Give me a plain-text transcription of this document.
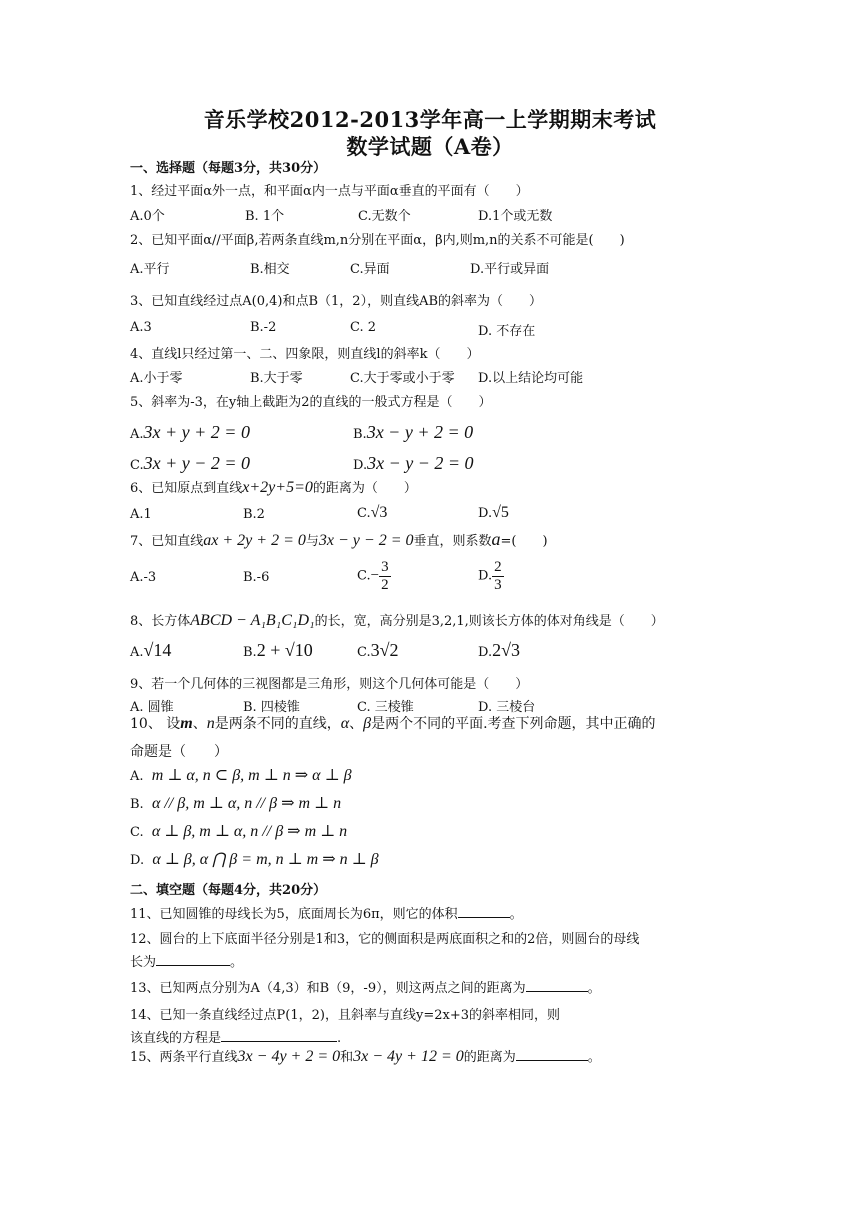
音乐学校2012-2013学年高一上学期期末考试
数学试题（A卷）
一、选择题（每题3分，共30分）
1、经过平面α外一点，和平面α内一点与平面α垂直的平面有（　　）
A.0个	B. 1个	C.无数个	D.1个或无数
2、已知平面α//平面β,若两条直线m,n分别在平面α，β内,则m,n的关系不可能是(　　)
A.平行	B.相交	C.异面	D.平行或异面
3、已知直线经过点A(0,4)和点B（1，2），则直线AB的斜率为（　　）
A.3	B.-2	C. 2	D. 不存在
4、直线l只经过第一、二、四象限，则直线l的斜率k（　　）
A.小于零	B.大于零	C.大于零或小于零 D.以上结论均可能
5、斜率为-3，在y轴上截距为2的直线的一般式方程是（　　）
A.3x + y + 2 = 0	B.3x − y + 2 = 0
C.3x + y − 2 = 0	D.3x − y − 2 = 0
6、已知原点到直线x+2y+5=0的距离为（　　）
A.1	B.2	C.√3	D.√5
7、已知直线ax + 2y + 2 = 0与3x − y − 2 = 0垂直，则系数a=(　　)
A.-3	B.-6	$C.- \frac{3}{2}$	D. $\frac{2}{3}$
8、长方体ABCD − A₁B₁C₁D₁的长，宽，高分别是3,2,1,则该长方体的体对角线是（　　）
A.√14	B.2 + √10	C.3√2	D.2√3
9、若一个几何体的三视图都是三角形，则这个几何体可能是（　　）
A. 圆锥	B. 四棱锥	C. 三棱锥	D. 三棱台
10、 设m、n是两条不同的直线，α、β是两个不同的平面.考查下列命题，其中正确的
命题是（　　）
A. m ⊥ α, n ⊂ β, m ⊥ n ⇒ α ⊥ β
B. α // β, m ⊥ α, n // β ⇒ m ⊥ n
C. α ⊥ β, m ⊥ α, n // β ⇒ m ⊥ n
D. α ⊥ β, α ⋂ β = m, n ⊥ m ⇒ n ⊥ β
二、填空题（每题4分，共20分）
11、已知圆锥的母线长为5，底面周长为6π，则它的体积	。
12、圆台的上下底面半径分别是1和3，它的侧面积是两底面积之和的2倍，则圆台的母线
长为	。
13、已知两点分别为A（4,3）和B（9，-9），则这两点之间的距离为	。
14、已知一条直线经过点P(1，2)，且斜率与直线y=2x+3的斜率相同，则
该直线的方程是	.
15、两条平行直线3x − 4y + 2 = 0和3x − 4y + 12 = 0的距离为	。
